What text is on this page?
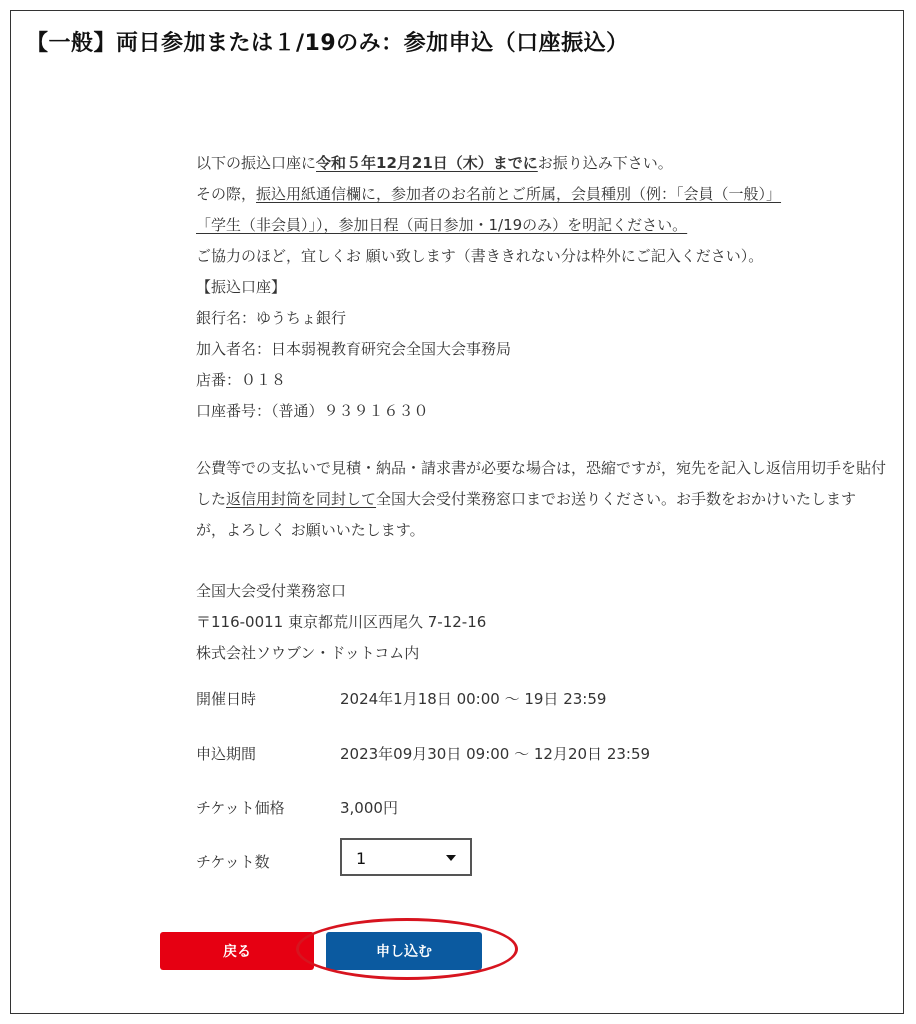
【一般】両日参加または１/19のみ：参加申込（口座振込）

以下の振込口座に令和５年12月21日（木）までにお振り込み下さい。

その際，振込用紙通信欄に，参加者のお名前とご所属，会員種別（例：「会員（一般）」

「学生（非会員）」），参加日程（両日参加・1/19のみ）を明記ください。

ご協力のほど，宜しくお 願い致します（書ききれない分は枠外にご記入ください）。

【振込口座】

銀行名：ゆうちょ銀行

加入者名：日本弱視教育研究会全国大会事務局

店番：０１８

口座番号：（普通）９３９１６３０

公費等での支払いで見積・納品・請求書が必要な場合は，恐縮ですが，宛先を記入し返信用切手を貼付した返信用封筒を同封して全国大会受付業務窓口までお送りください。お手数をおかけいたしますが，よろしく お願いいたします。

全国大会受付業務窓口

〒116-0011 東京都荒川区西尾久 7-12-16

株式会社ソウブン・ドットコム内

開催日時	2024年1月18日 00:00 ～ 19日 23:59
申込期間	2023年09月30日 09:00 ～ 12月20日 23:59
チケット価格	3,000円
チケット数	1
戻る	申し込む
